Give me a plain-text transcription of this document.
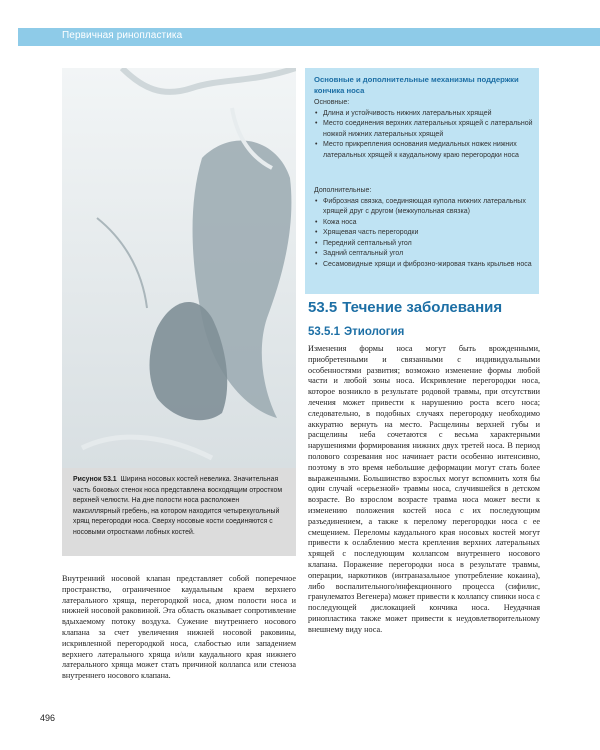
Первичная ринопластика
Рисунок 53.1 Ширина носовых костей невелика. Значительная часть боковых стенок носа представлена восходящим отростком верхней челюсти. На дне полости носа расположен максиллярный гребень, на котором находится четырехугольный хрящ перегородки носа. Сверху носовые кости соединяются с носовыми отростками лобных костей.
Основные и дополнительные механизмы поддержки кончика носа
Основные:
• Длина и устойчивость нижних латеральных хрящей
• Место соединения верхних латеральных хрящей с латеральной ножкой нижних латеральных хрящей
• Место прикрепления основания медиальных ножек нижних латеральных хрящей к каудальному краю перегородки носа
Дополнительные:
• Фиброзная связка, соединяющая купола нижних латеральных хрящей друг с другом (межкупольная связка)
• Кожа носа
• Хрящевая часть перегородки
• Передний септальный угол
• Задний септальный угол
• Сесамовидные хрящи и фиброзно-жировая ткань крыльев носа
53.5 Течение заболевания
53.5.1 Этиология

Изменения формы носа могут быть врожденными, приобретенными и связанными с индивидуальными особенностями развития; возможно изменение формы любой части и любой зоны носа. Искривление перегородки носа, которое возникло в результате родовой травмы, при отсутствии лечения может привести к нарушению роста всего носа; следовательно, в подобных случаях перегородку необходимо аккуратно вернуть на место. Расщелины верхней губы и расщелины неба сочетаются с весьма характерными нарушениями формирования нижних двух третей носа. В период полового созревания нос начинает расти особенно интенсивно, поэтому в это время небольшие деформации могут стать более выраженными. Большинство взрослых могут вспомнить хотя бы один случай «серьезной» травмы носа, случившейся в детском возрасте. Во взрослом возрасте травма носа может вести к изменению положения костей носа с их последующим разъединением, а также к перелому перегородки носа с ее смещением. Переломы каудального края носовых костей могут привести к ослаблению места крепления верхних латеральных хрящей с последующим коллапсом внутреннего носового клапана. Поражение перегородки носа в результате травмы, операции, наркотиков (интраназальное употребление кокаина), либо воспалительного/инфекционного процесса (сифилис, гранулематоз Вегенера) может привести к коллапсу спинки носа с последующей дислокацией кончика носа. Неудачная ринопластика также может привести к неудовлетворительному внешнему виду носа.

Внутренний носовой клапан представляет собой поперечное пространство, ограниченное каудальным краем верхнего латерального хряща, перегородкой носа, дном полости носа и нижней носовой раковиной. Эта область оказывает сопротивление вдыхаемому потоку воздуха. Сужение внутреннего носового клапана за счет увеличения нижней носовой раковины, искривленной перегородкой носа, слабостью или западением верхнего латерального хряща и/или каудального края нижнего латерального хряща может стать причиной коллапса или стеноза внутреннего носового клапана.

496
